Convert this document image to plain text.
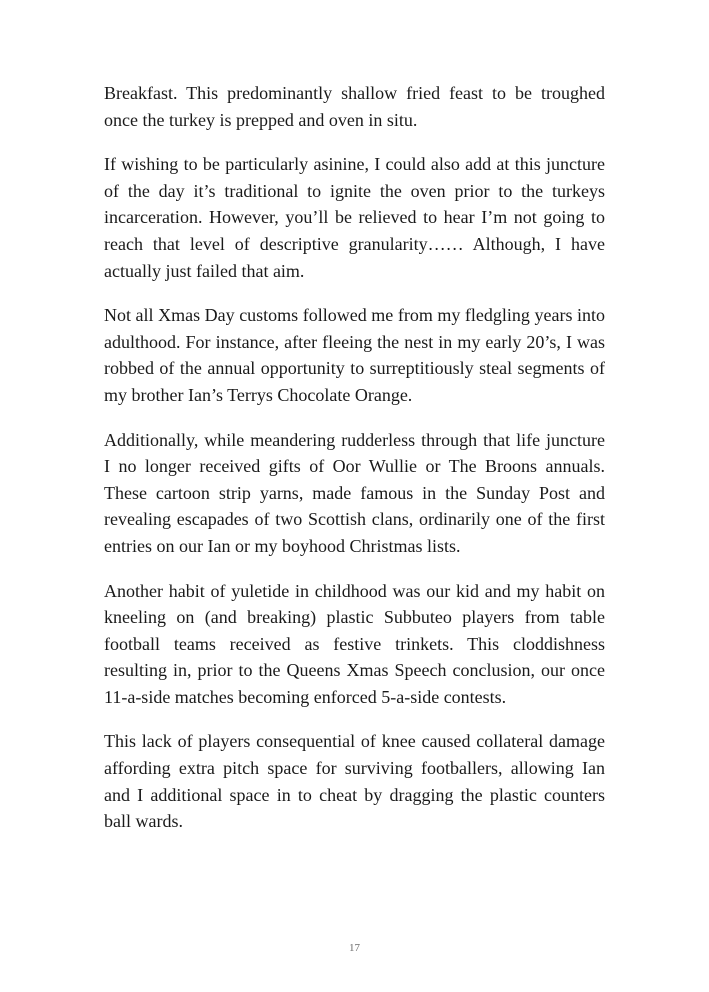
Breakfast. This predominantly shallow fried feast to be troughed once the turkey is prepped and oven in situ.

If wishing to be particularly asinine, I could also add at this juncture of the day it’s traditional to ignite the oven prior to the turkeys incarceration. However, you’ll be relieved to hear I’m not going to reach that level of descriptive granularity…… Although, I have actually just failed that aim.

Not all Xmas Day customs followed me from my fledgling years into adulthood. For instance, after fleeing the nest in my early 20’s, I was robbed of the annual opportunity to surreptitiously steal segments of my brother Ian’s Terrys Chocolate Orange.

Additionally, while meandering rudderless through that life juncture I no longer received gifts of Oor Wullie or The Broons annuals. These cartoon strip yarns, made famous in the Sunday Post and revealing escapades of two Scottish clans, ordinarily one of the first entries on our Ian or my boyhood Christmas lists.

Another habit of yuletide in childhood was our kid and my habit on kneeling on (and breaking) plastic Subbuteo players from table football teams received as festive trinkets. This cloddishness resulting in, prior to the Queens Xmas Speech conclusion, our once 11-a-side matches becoming enforced 5-a-side contests.

This lack of players consequential of knee caused collateral damage affording extra pitch space for surviving footballers, allowing Ian and I additional space in to cheat by dragging the plastic counters ball wards.

17
